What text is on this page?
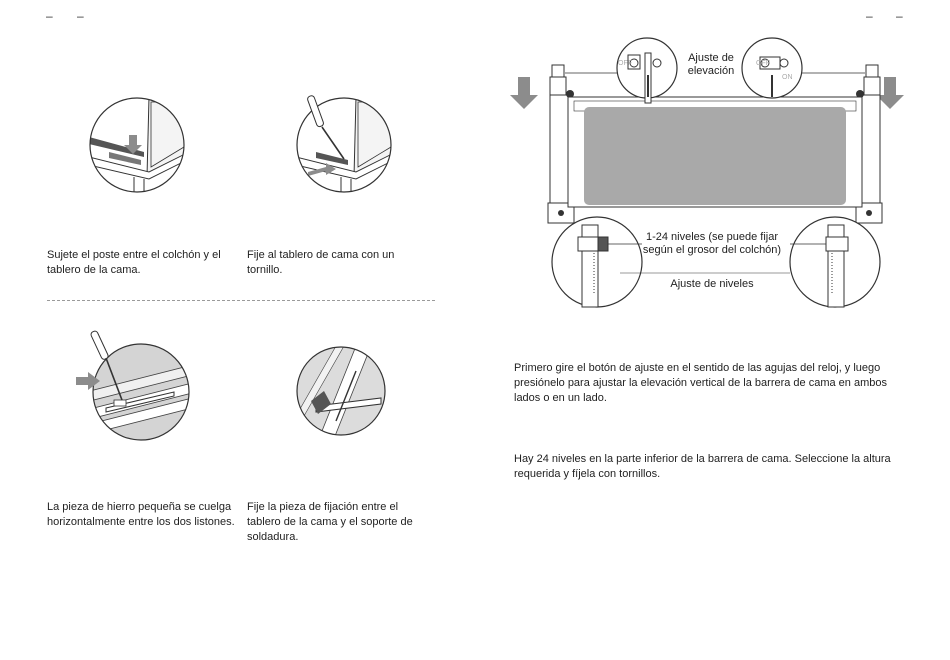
– –	– –
Sujete el poste entre el colchón y el tablero de la cama.
Fije al tablero de cama con un tornillo.
La pieza de hierro pequeña se cuelga horizontalmente entre los dos listones.
Fije la pieza de fijación entre el tablero de la cama y el soporte de soldadura.
OFF	OFF
ON
Ajuste de elevación
1-24 niveles (se puede fijar según el grosor del colchón)
Ajuste de niveles
Primero gire el botón de ajuste en el sentido de las agujas del reloj, y luego presiónelo para ajustar la elevación vertical de la barrera de cama en ambos lados o en un lado.
Hay 24 niveles en la parte inferior de la barrera de cama. Seleccione la altura requerida y fíjela con tornillos.
